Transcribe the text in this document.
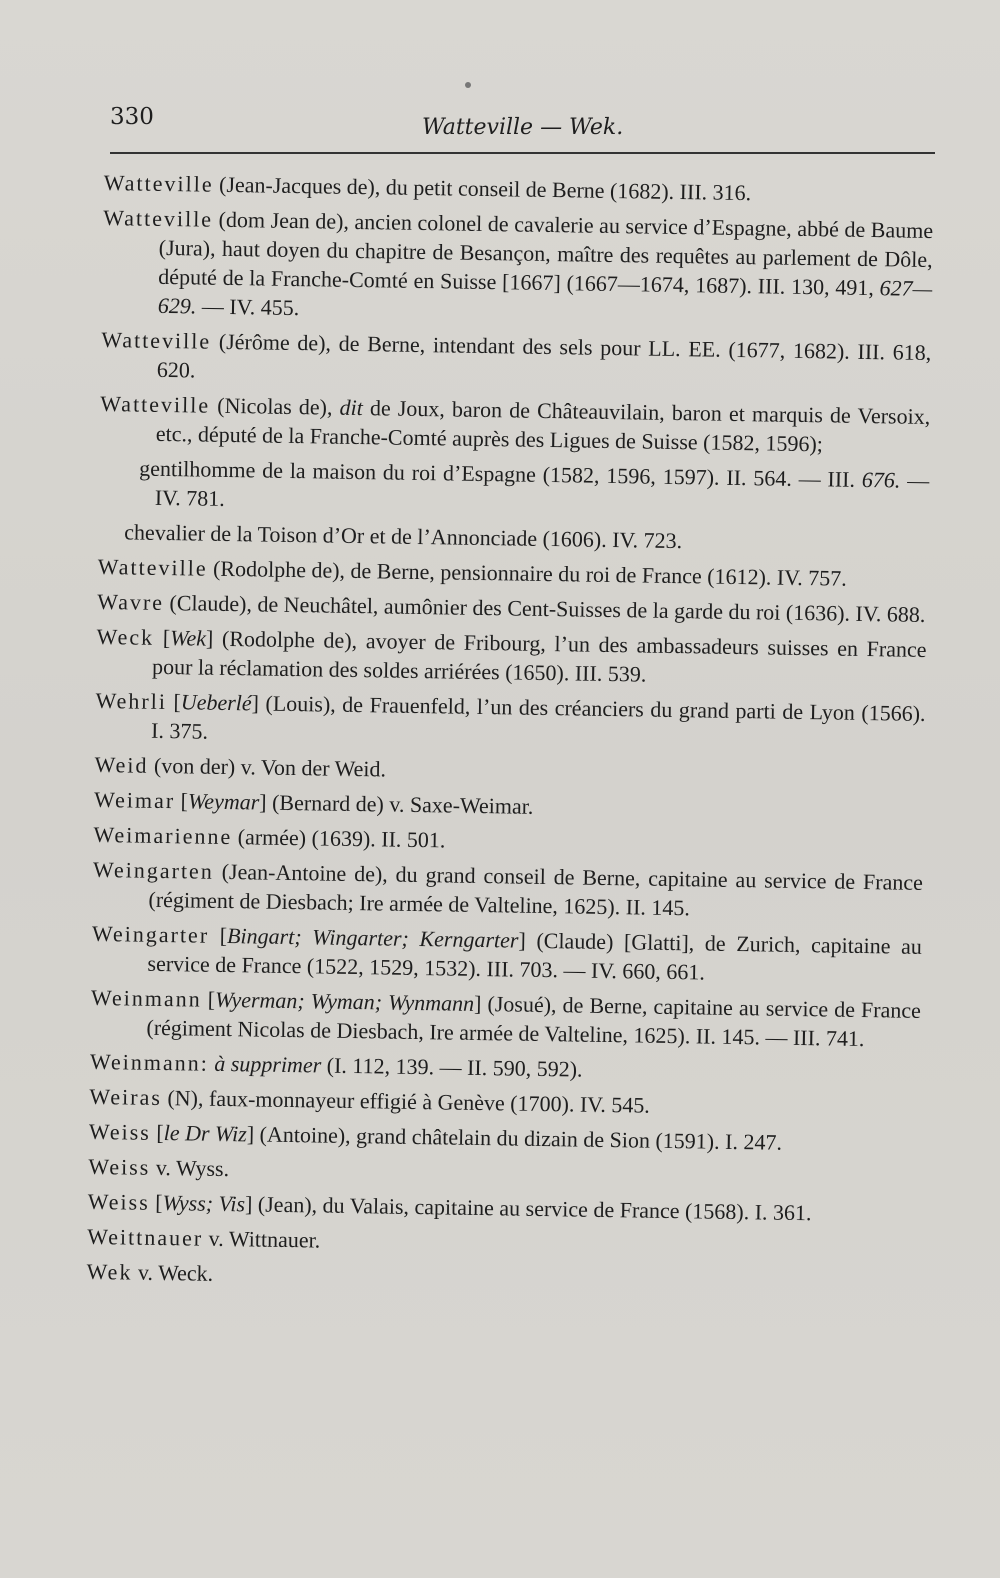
330	Watteville — Wek.

Watteville (Jean-Jacques de), du petit conseil de Berne (1682). III. 316.

Watteville (dom Jean de), ancien colonel de cavalerie au service d’Espagne, abbé de Baume (Jura), haut doyen du chapitre de Besançon, maître des requêtes au parlement de Dôle, député de la Franche-Comté en Suisse [1667] (1667—1674, 1687). III. 130, 491, 627—629. — IV. 455.

Watteville (Jérôme de), de Berne, intendant des sels pour LL. EE. (1677, 1682). III. 618, 620.

Watteville (Nicolas de), dit de Joux, baron de Châteauvilain, baron et marquis de Versoix, etc., député de la Franche-Comté auprès des Ligues de Suisse (1582, 1596);

gentilhomme de la maison du roi d’Espagne (1582, 1596, 1597). II. 564. — III. 676. — IV. 781.

chevalier de la Toison d’Or et de l’Annonciade (1606). IV. 723.

Watteville (Rodolphe de), de Berne, pensionnaire du roi de France (1612). IV. 757.

Wavre (Claude), de Neuchâtel, aumônier des Cent-Suisses de la garde du roi (1636). IV. 688.

Weck [Wek] (Rodolphe de), avoyer de Fribourg, l’un des ambassadeurs suisses en France pour la réclamation des soldes arriérées (1650). III. 539.

Wehrli [Ueberlé] (Louis), de Frauenfeld, l’un des créanciers du grand parti de Lyon (1566). I. 375.

Weid (von der) v. Von der Weid.

Weimar [Weymar] (Bernard de) v. Saxe-Weimar.

Weimarienne (armée) (1639). II. 501.

Weingarten (Jean-Antoine de), du grand conseil de Berne, capitaine au service de France (régiment de Diesbach; Ire armée de Valteline, 1625). II. 145.

Weingarter [Bingart; Wingarter; Kerngarter] (Claude) [Glatti], de Zurich, capitaine au service de France (1522, 1529, 1532). III. 703. — IV. 660, 661.

Weinmann [Wyerman; Wyman; Wynmann] (Josué), de Berne, capitaine au service de France (régiment Nicolas de Diesbach, Ire armée de Valteline, 1625). II. 145. — III. 741.

Weinmann: à supprimer (I. 112, 139. — II. 590, 592).

Weiras (N), faux-monnayeur effigié à Genève (1700). IV. 545.

Weiss [le Dr Wiz] (Antoine), grand châtelain du dizain de Sion (1591). I. 247.

Weiss v. Wyss.

Weiss [Wyss; Vis] (Jean), du Valais, capitaine au service de France (1568). I. 361.

Weittnauer v. Wittnauer.

Wek v. Weck.
